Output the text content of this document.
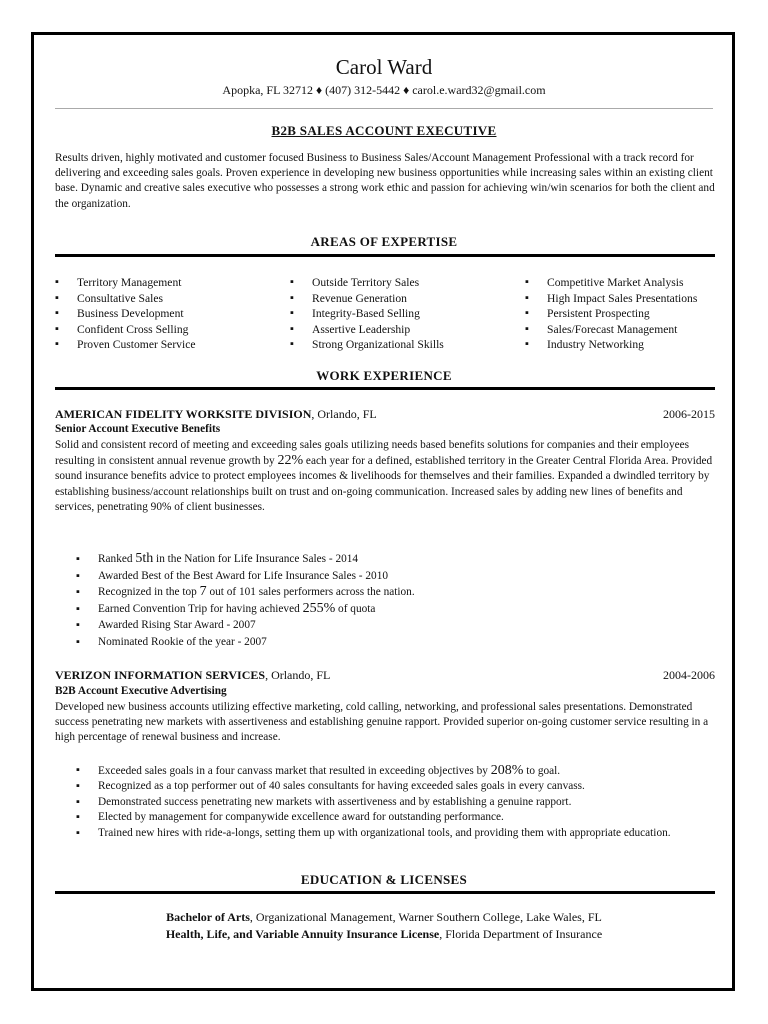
Carol Ward
Apopka, FL 32712 ♦ (407) 312-5442 ♦ carol.e.ward32@gmail.com
B2B SALES ACCOUNT EXECUTIVE
Results driven, highly motivated and customer focused Business to Business Sales/Account Management Professional with a track record for delivering and exceeding sales goals. Proven experience in developing new business opportunities while increasing sales within an existing client base. Dynamic and creative sales executive who possesses a strong work ethic and passion for achieving win/win scenarios for both the client and the organization.
AREAS OF EXPERTISE
▪ Territory Management
▪ Consultative Sales
▪ Business Development
▪ Confident Cross Selling
▪ Proven Customer Service
▪ Outside Territory Sales
▪ Revenue Generation
▪ Integrity-Based Selling
▪ Assertive Leadership
▪ Strong Organizational Skills
▪ Competitive Market Analysis
▪ High Impact Sales Presentations
▪ Persistent Prospecting
▪ Sales/Forecast Management
▪ Industry Networking
WORK EXPERIENCE
AMERICAN FIDELITY WORKSITE DIVISION, Orlando, FL	2006-2015
Senior Account Executive Benefits
Solid and consistent record of meeting and exceeding sales goals utilizing needs based benefits solutions for companies and their employees resulting in consistent annual revenue growth by 22% each year for a defined, established territory in the Greater Central Florida Area. Provided sound insurance benefits advice to protect employees incomes & livelihoods for themselves and their families. Expanded a dwindled territory by establishing business/account relationships built on trust and on-going communication. Increased sales by adding new lines of benefits and services, penetrating 90% of client businesses.
▪ Ranked 5th in the Nation for Life Insurance Sales - 2014
▪ Awarded Best of the Best Award for Life Insurance Sales - 2010
▪ Recognized in the top 7 out of 101 sales performers across the nation.
▪ Earned Convention Trip for having achieved 255% of quota
▪ Awarded Rising Star Award - 2007
▪ Nominated Rookie of the year - 2007
VERIZON INFORMATION SERVICES, Orlando, FL	2004-2006
B2B Account Executive Advertising
Developed new business accounts utilizing effective marketing, cold calling, networking, and professional sales presentations. Demonstrated success penetrating new markets with assertiveness and establishing genuine rapport. Provided superior on-going customer service resulting in a high percentage of renewal business and increase.
▪ Exceeded sales goals in a four canvass market that resulted in exceeding objectives by 208% to goal.
▪ Recognized as a top performer out of 40 sales consultants for having exceeded sales goals in every canvass.
▪ Demonstrated success penetrating new markets with assertiveness and by establishing a genuine rapport.
▪ Elected by management for companywide excellence award for outstanding performance.
▪ Trained new hires with ride-a-longs, setting them up with organizational tools, and providing them with appropriate education.
EDUCATION & LICENSES
Bachelor of Arts, Organizational Management, Warner Southern College, Lake Wales, FL
Health, Life, and Variable Annuity Insurance License, Florida Department of Insurance
